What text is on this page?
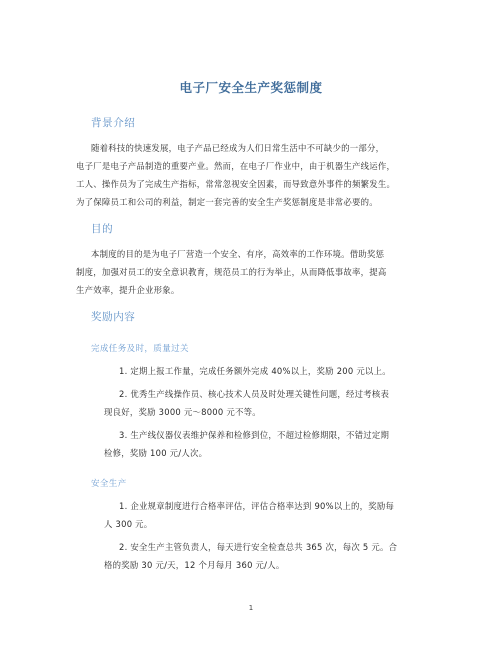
电子厂安全生产奖惩制度
背景介绍
随着科技的快速发展，电子产品已经成为人们日常生活中不可缺少的一部分，
电子厂是电子产品制造的重要产业。然而，在电子厂作业中，由于机器生产线运作，
工人、操作员为了完成生产指标，常常忽视安全因素，而导致意外事件的频繁发生。
为了保障员工和公司的利益，制定一套完善的安全生产奖惩制度是非常必要的。
目的
本制度的目的是为电子厂营造一个安全、有序，高效率的工作环境。借助奖惩
制度，加强对员工的安全意识教育，规范员工的行为举止，从而降低事故率，提高
生产效率，提升企业形象。
奖励内容
完成任务及时，质量过关
1. 定期上报工作量，完成任务额外完成 40%以上，奖励 200 元以上。
2. 优秀生产线操作员、核心技术人员及时处理关键性问题，经过考核表
现良好，奖励 3000 元～8000 元不等。
3. 生产线仪器仪表维护保养和检修到位，不超过检修期限，不错过定期
检修，奖励 100 元/人次。
安全生产
1. 企业规章制度进行合格率评估，评估合格率达到 90%以上的，奖励每
人 300 元。
2. 安全生产主管负责人，每天进行安全检查总共 365 次，每次 5 元。合
格的奖励 30 元/天，12 个月每月 360 元/人。
1
